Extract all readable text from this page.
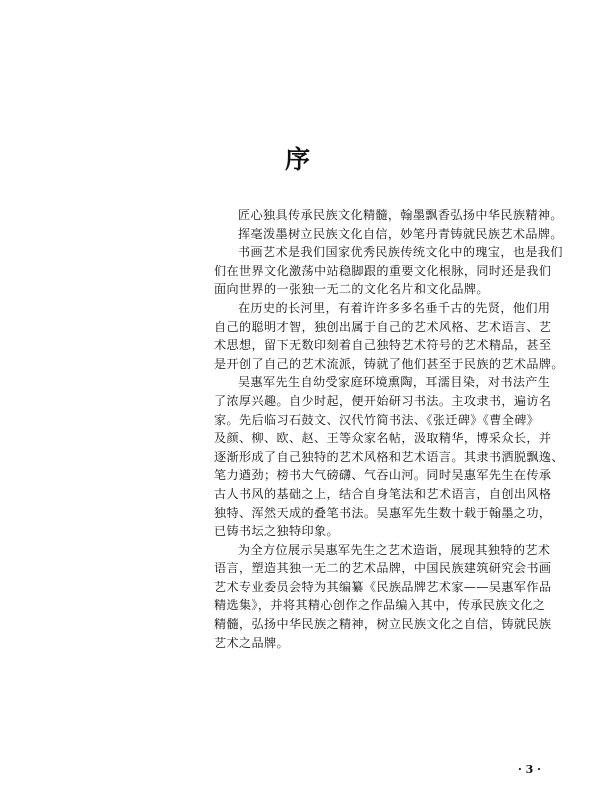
序
匠心独具传承民族文化精髓，翰墨飘香弘扬中华民族精神。
挥毫泼墨树立民族文化自信，妙笔丹青铸就民族艺术品牌。
书画艺术是我们国家优秀民族传统文化中的瑰宝，也是我们
们在世界文化激荡中站稳脚跟的重要文化根脉，同时还是我们
面向世界的一张独一无二的文化名片和文化品牌。
在历史的长河里，有着许许多多名垂千古的先贤，他们用
自己的聪明才智，独创出属于自己的艺术风格、艺术语言、艺
术思想，留下无数印刻着自己独特艺术符号的艺术精品，甚至
是开创了自己的艺术流派，铸就了他们甚至于民族的艺术品牌。
吴惠军先生自幼受家庭环境熏陶，耳濡目染，对书法产生
了浓厚兴趣。自少时起，便开始研习书法。主攻隶书，遍访名
家。先后临习石鼓文、汉代竹简书法、《张迁碑》《曹全碑》
及颜、柳、欧、赵、王等众家名帖，汲取精华，博采众长，并
逐渐形成了自己独特的艺术风格和艺术语言。其隶书洒脱飘逸、
笔力遒劲；榜书大气磅礴、气吞山河。同时吴惠军先生在传承
古人书风的基础之上，结合自身笔法和艺术语言，自创出风格
独特、浑然天成的叠笔书法。吴惠军先生数十载于翰墨之功，
已铸书坛之独特印象。
为全方位展示吴惠军先生之艺术造诣，展现其独特的艺术
语言，塑造其独一无二的艺术品牌，中国民族建筑研究会书画
艺术专业委员会特为其编纂《民族品牌艺术家——吴惠军作品
精选集》，并将其精心创作之作品编入其中，传承民族文化之
精髓，弘扬中华民族之精神，树立民族文化之自信，铸就民族
艺术之品牌。
· 3 ·
